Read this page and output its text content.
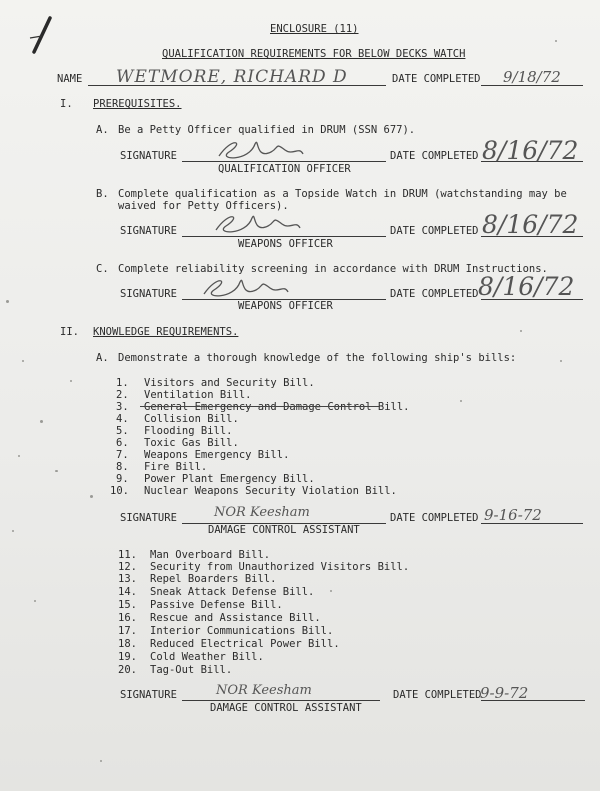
ENCLOSURE (11)
QUALIFICATION REQUIREMENTS FOR BELOW DECKS WATCH
NAME WETMORE, RICHARD D	DATE COMPLETED 9/18/72
I. PREREQUISITES.
A. Be a Petty Officer qualified in DRUM (SSN 677).
SIGNATURE
QUALIFICATION OFFICER
DATE COMPLETED 8/16/72
B. Complete qualification as a Topside Watch in DRUM (watchstanding may be
waived for Petty Officers).
SIGNATURE
WEAPONS OFFICER
DATE COMPLETED 8/16/72
C. Complete reliability screening in accordance with DRUM Instructions.
SIGNATURE
WEAPONS OFFICER
DATE COMPLETED 8/16/72
II. KNOWLEDGE REQUIREMENTS.
A. Demonstrate a thorough knowledge of the following ship's bills:
1. Visitors and Security Bill.
2. Ventilation Bill.
3. General Emergency and Damage Control Bill.
4. Collision Bill.
5. Flooding Bill.
6. Toxic Gas Bill.
7. Weapons Emergency Bill.
8. Fire Bill.
9. Power Plant Emergency Bill.
10. Nuclear Weapons Security Violation Bill.
SIGNATURE	NOR Keesham
DAMAGE CONTROL ASSISTANT
DATE COMPLETED 9-16-72
11. Man Overboard Bill.
12. Security from Unauthorized Visitors Bill.
13. Repel Boarders Bill.
14. Sneak Attack Defense Bill.
15. Passive Defense Bill.
16. Rescue and Assistance Bill.
17. Interior Communications Bill.
18. Reduced Electrical Power Bill.
19. Cold Weather Bill.
20. Tag-Out Bill.
SIGNATURE	NOR Keesham
DAMAGE CONTROL ASSISTANT
DATE COMPLETED
9-9-72
